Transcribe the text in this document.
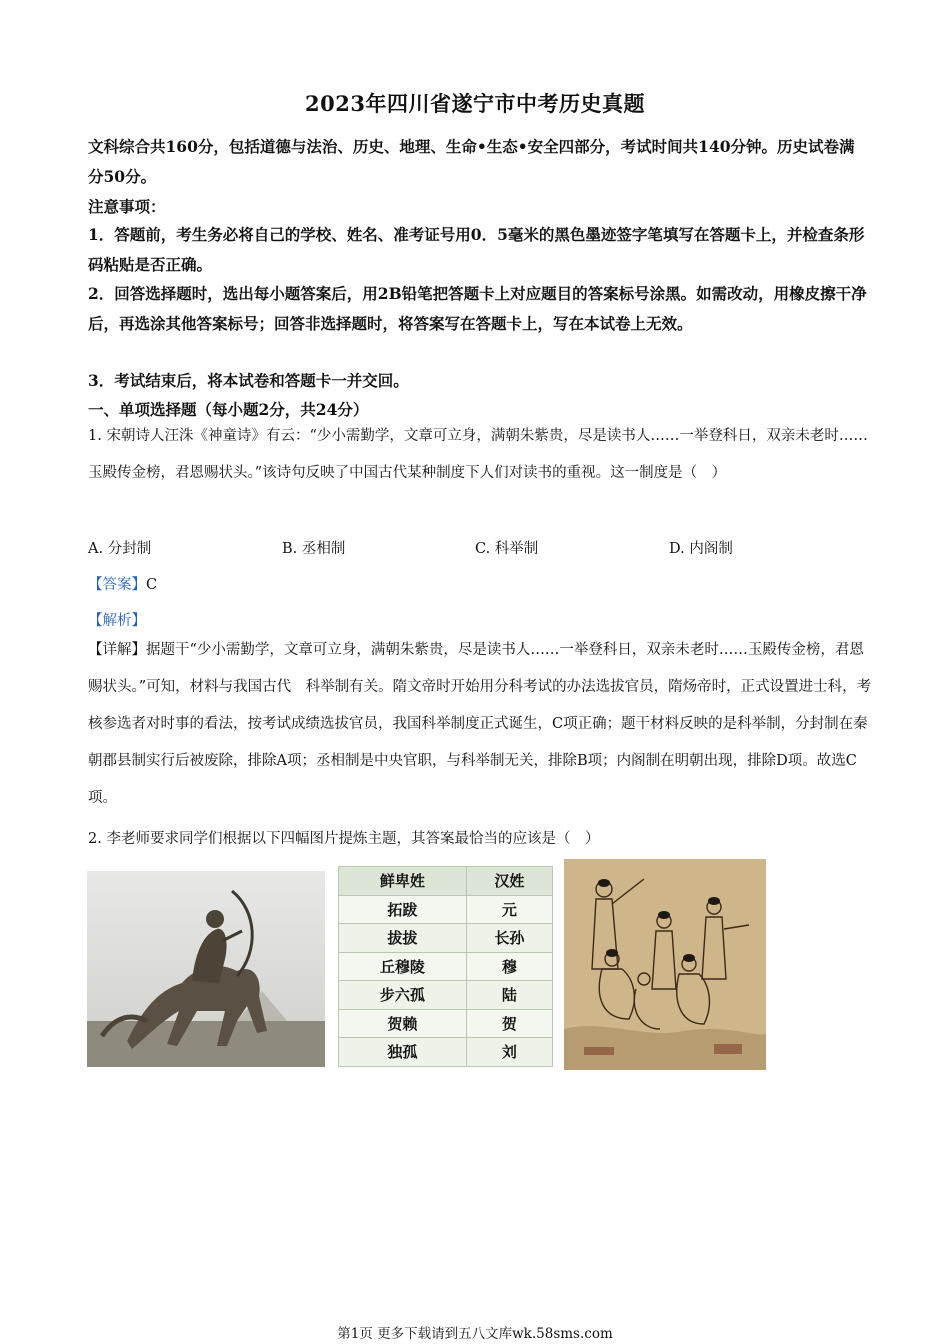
2023年四川省遂宁市中考历史真题
文科综合共160分，包括道德与法治、历史、地理、生命•生态•安全四部分，考试时间共140分钟。历史试卷满分50分。
注意事项：
1．答题前，考生务必将自己的学校、姓名、准考证号用0．5毫米的黑色墨迹签字笔填写在答题卡上，并检查条形码粘贴是否正确。
2．回答选择题时，选出每小题答案后，用2B铅笔把答题卡上对应题目的答案标号涂黑。如需改动，用橡皮擦干净后，再选涂其他答案标号；回答非选择题时，将答案写在答题卡上，写在本试卷上无效。
3．考试结束后，将本试卷和答题卡一并交回。
一、单项选择题（每小题2分，共24分）
1. 宋朝诗人汪洙《神童诗》有云：“少小需勤学，文章可立身，满朝朱紫贵，尽是读书人……一举登科日，双亲未老时……玉殿传金榜，君恩赐状头。”该诗句反映了中国古代某种制度下人们对读书的重视。这一制度是（　）
A. 分封制	B. 丞相制	C. 科举制	D. 内阁制
【答案】C
【解析】
【详解】据题干“少小需勤学，文章可立身，满朝朱紫贵，尽是读书人……一举登科日，双亲未老时……玉殿传金榜，君恩赐状头。”可知，材料与我国古代　科举制有关。隋文帝时开始用分科考试的办法选拔官员，隋炀帝时，正式设置进士科，考核参选者对时事的看法，按考试成绩选拔官员，我国科举制度正式诞生，C项正确；题干材料反映的是科举制，分封制在秦朝郡县制实行后被废除，排除A项；丞相制是中央官职，与科举制无关，排除B项；内阁制在明朝出现，排除D项。故选C项。
2. 李老师要求同学们根据以下四幅图片提炼主题，其答案最恰当的应该是（　）
鲜卑姓	汉姓
拓跋	元
拔拔	长孙
丘穆陵	穆
步六孤	陆
贺赖	贺
独孤	刘
第1页 更多下载请到五八文库wk.58sms.com
